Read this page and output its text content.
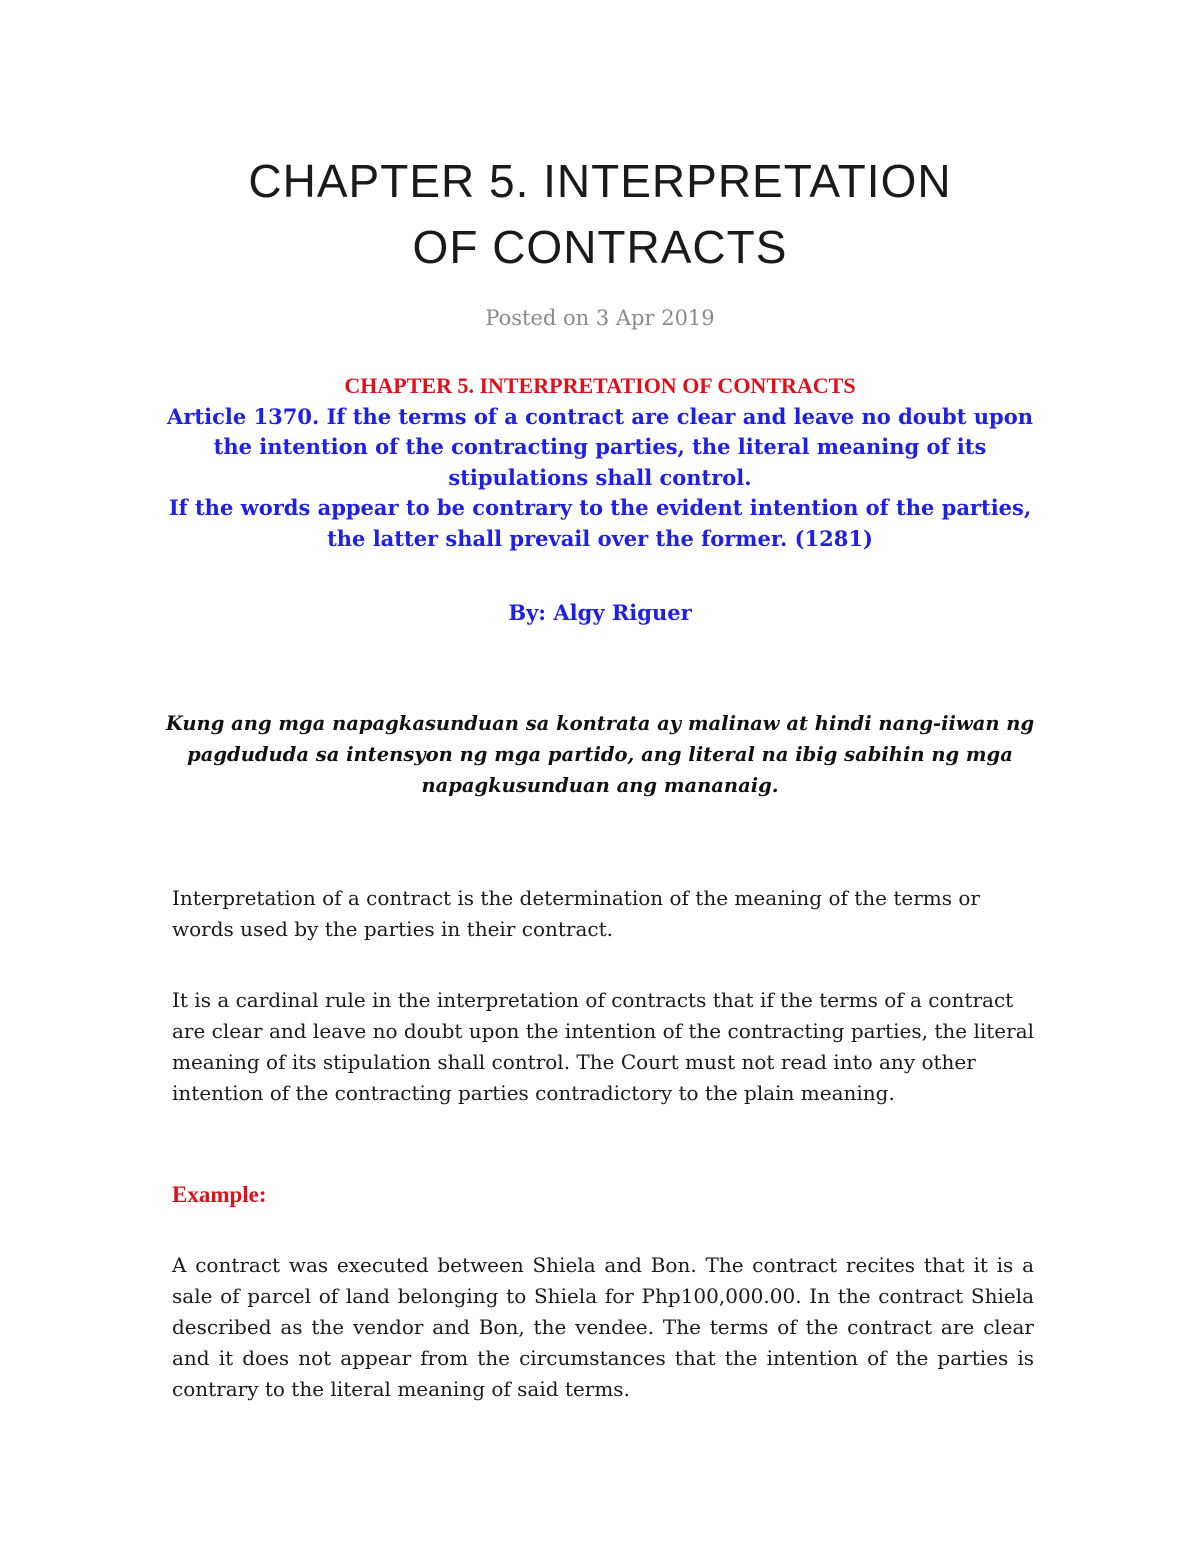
CHAPTER 5. INTERPRETATION
OF CONTRACTS
Posted on 3 Apr 2019
CHAPTER 5. INTERPRETATION OF CONTRACTS
Article 1370. If the terms of a contract are clear and leave no doubt upon the intention of the contracting parties, the literal meaning of its stipulations shall control.
If the words appear to be contrary to the evident intention of the parties, the latter shall prevail over the former. (1281)
By: Algy Riguer
Kung ang mga napagkasunduan sa kontrata ay malinaw at hindi nang-iiwan ng pagdududa sa intensyon ng mga partido, ang literal na ibig sabihin ng mga napagkusunduan ang mananaig.

Interpretation of a contract is the determination of the meaning of the terms or words used by the parties in their contract.

It is a cardinal rule in the interpretation of contracts that if the terms of a contract are clear and leave no doubt upon the intention of the contracting parties, the literal meaning of its stipulation shall control. The Court must not read into any other intention of the contracting parties contradictory to the plain meaning.

Example:

A contract was executed between Shiela and Bon. The contract recites that it is a sale of parcel of land belonging to Shiela for Php100,000.00. In the contract Shiela described as the vendor and Bon, the vendee. The terms of the contract are clear and it does not appear from the circumstances that the intention of the parties is contrary to the literal meaning of said terms.
